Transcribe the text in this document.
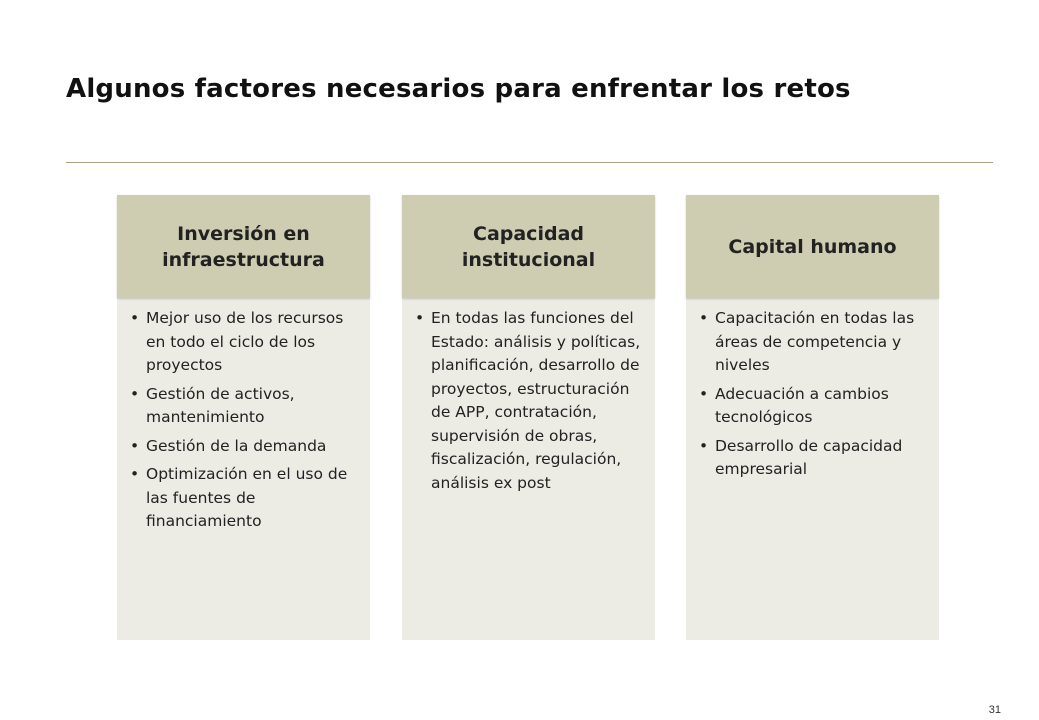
Algunos factores necesarios para enfrentar los retos
Inversión en infraestructura
• Mejor uso de los recursos en todo el ciclo de los proyectos
• Gestión de activos, mantenimiento
• Gestión de la demanda
• Optimización en el uso de las fuentes de financiamiento
Capacidad institucional
• En todas las funciones del Estado: análisis y políticas, planificación, desarrollo de proyectos, estructuración de APP, contratación, supervisión de obras, fiscalización, regulación, análisis ex post
Capital humano
• Capacitación en todas las áreas de competencia y niveles
• Adecuación a cambios tecnológicos
• Desarrollo de capacidad empresarial
31
